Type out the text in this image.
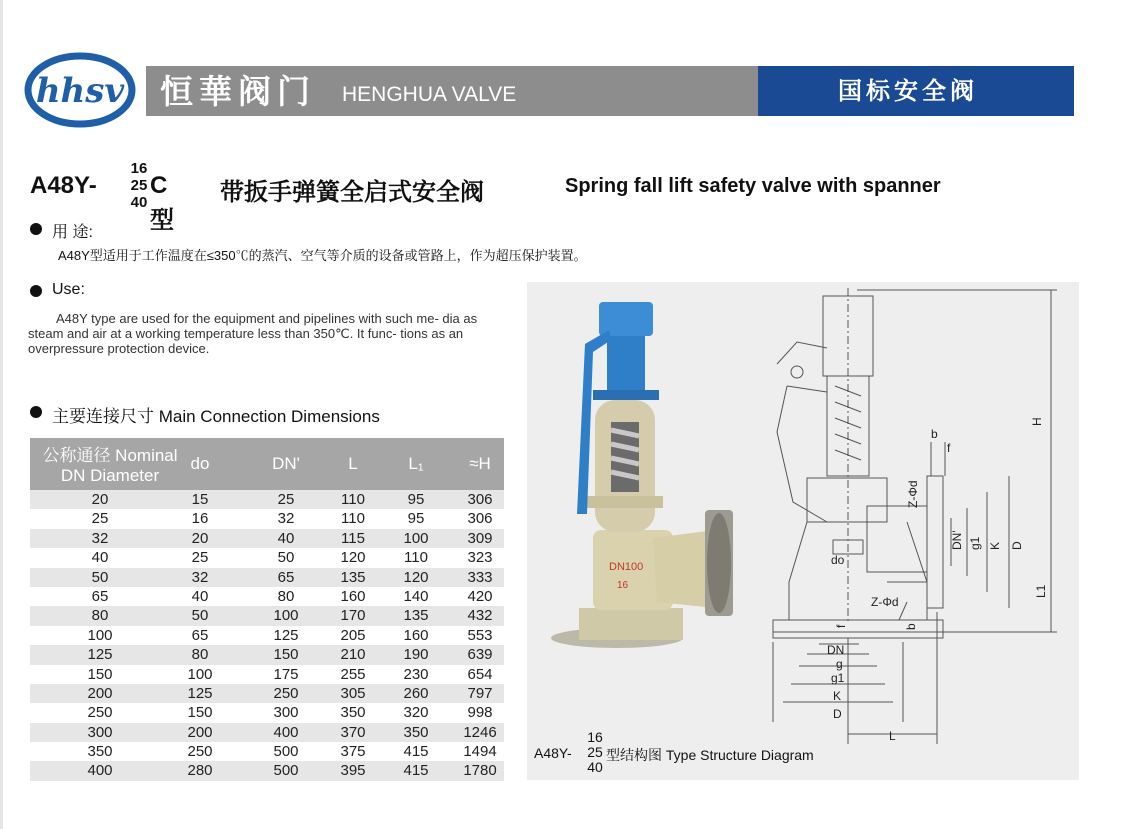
hhsv 恒華阀门 HENGHUA VALVE	国标安全阀
A48Y-
16
25
40
C型
带扳手弹簧全启式安全阀	Spring fall lift safety valve with spanner
用 途:
A48Y型适用于工作温度在≤350℃的蒸汽、空气等介质的设备或管路上，作为超压保护装置。
Use:
A48Y type are used for the equipment and pipelines with such me- dia as steam and air at a working temperature less than 350℃. It func- tions as an overpressure protection device.
主要连接尺寸 Main Connection Dimensions
公称通径 Nominal
DN Diameter
do	DN'	L	L₁	≈H
20	15	25	110	95	306
25	16	32	110	95	306
32	20	40	115	100	309
40	25	50	120	110	323
50	32	65	135	120	333
65	40	80	160	140	420
80	50	100	170	135	432
100	65	125	205	160	553
125	80	150	210	190	639
150	100	175	255	230	654
200	125	250	305	260	797
250	150	300	350	320	998
300	200	400	370	350	1246
350	250	500	375	415	1494
400	280	500	395	415	1780
DN100
16
H
L1
D
K
g1
DN'
Z-Φd
b
f
do
Z-Φd
b
f
DN
g
g1
K
D
L
A48Y-
16
25
40
型结构图 Type Structure Diagram
